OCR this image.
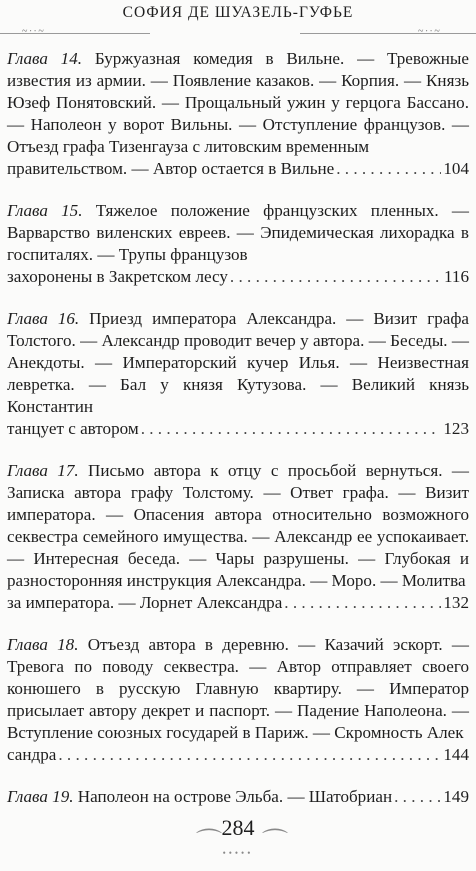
СОФИЯ ДЕ ШУАЗЕЛЬ-ГУФЬЕ
~∙∙~	~∙∙~
Глава 14. Буржуазная комедия в Вильне. — Тревожные известия из армии. — Появление казаков. — Корпия. — Князь Юзеф Понятовский. — Прощальный ужин у герцога Бассано. — Наполеон у ворот Вильны. — Отступление французов. — Отъезд графа Тизенгаузa с литовским временным
правительством. — Автор остается в Вильне . . .	104
Глава 15. Тяжелое положение французских пленных. — Варварство виленских евреев. — Эпидемическая лихорадка в госпиталях. — Трупы французов
захоронены в Закретском лесу . . .	116
Глава 16. Приезд императора Александра. — Визит графа Толстого. — Александр проводит вечер у автора. — Беседы. — Анекдоты. — Императорский кучер Илья. — Неизвестная левретка. — Бал у князя Кутузова. — Великий князь Константин
танцует с автором . . .	123
Глава 17. Письмо автора к отцу с просьбой вернуться. — Записка автора графу Толстому. — Ответ графа. — Визит императора. — Опасения автора относительно возможного секвестра семейного имущества. — Александр ее успокаивает. — Интересная беседа. — Чары разрушены. — Глубокая и разносторонняя инструкция Александра. — Моро. — Молитва
за императора. — Лорнет Александра . . .	132
Глава 18. Отъезд автора в деревню. — Казачий эскорт. — Тревога по поводу секвестра. — Автор отправляет своего конюшего в русскую Главную квартиру. — Император присылает автору декрет и паспорт. — Падение Наполеона. — Вступление союзных государей в Париж. — Скромность Алек
сандра . . .	144
Глава 19. Наполеон на острове Эльба. — Шатобриан . . .	149
284
⌒ ⌒
•••••
